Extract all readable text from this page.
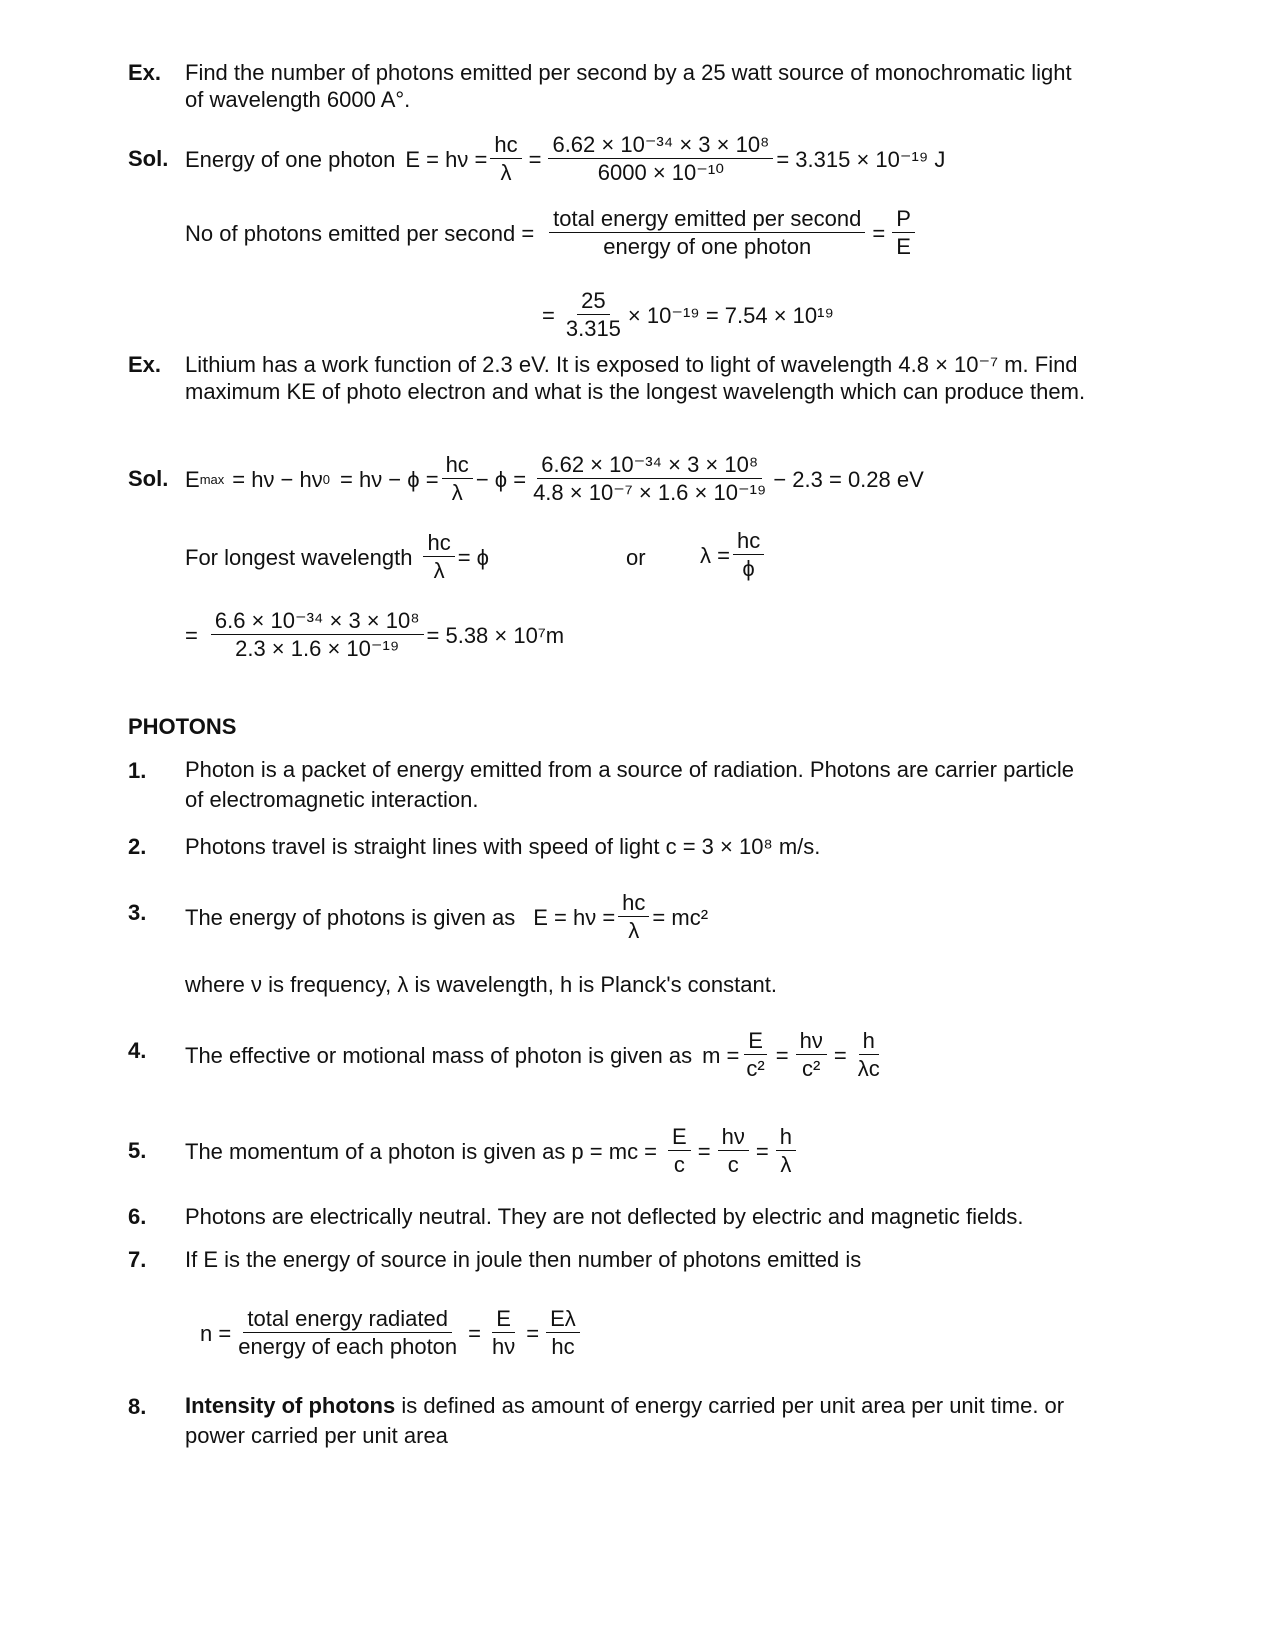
Ex. Find the number of photons emitted per second by a 25 watt source of monochromatic light
of wavelength 6000 A°.
Sol. Energy of one photon $E = h\nu = \frac{hc}{\lambda} = \frac{\text{6.62 × 10⁻³⁴ × 3 × 10⁸}}{\text{6000 × 10⁻¹⁰}} = 3.315 \times 10^{-19}$ J
No of photons emitted per second = $\frac{\text{total energy emitted per second}}{\text{energy of one photon}} = \frac{P}{E}$
= $\frac{25}{3.315} \times 10^{-19} = 7.54 \times 10^{19}$
Ex. Lithium has a work function of 2.3 eV. It is exposed to light of wavelength 4.8 × 10⁻⁷ m. Find
maximum KE of photo electron and what is the longest wavelength which can produce them.
Sol. E max = hν − hν $0 = h\nu - \phi = \frac{hc}{\lambda} - \phi = \frac{\text{6.62 × 10⁻³⁴ × 3 × 10⁸}}{\text{4.8 × 10⁻⁷ × 1.6 × 10⁻¹⁹}} - 2.3 = 0.28$ eV
For longest wavelength $\frac{hc}{\lambda} = \phi$	or $\lambda = \frac{hc}{\phi}$
= $\frac{\text{6.6 × 10⁻³⁴ × 3 × 10⁸}}{\text{2.3 × 1.6 × 10⁻¹⁹}} = 5.38 \times 10^7m$
PHOTONS
1. Photon is a packet of energy emitted from a source of radiation. Photons are carrier particle of electromagnetic interaction.
2. Photons travel is straight lines with speed of light c = 3 × 10⁸ m/s.
3. The energy of photons is given as $E = h\nu = \frac{hc}{\lambda} = mc^2$
where ν is frequency, λ is wavelength, h is Planck's constant.
4. The effective or motional mass of photon is given as $m = \frac{E}{\text{c²}} = \frac{h\nu}{\text{c²}} = \frac{h}{\lambda c}$
5. The momentum of a photon is given as p = mc = $\frac{E}{c} = \frac{h\nu}{c} = \frac{h}{\lambda}$
6. Photons are electrically neutral. They are not deflected by electric and magnetic fields.
7. If E is the energy of source in joule then number of photons emitted is
$n = \frac{\text{total energy radiated}}{\text{energy of each photon}} = \frac{E}{h\nu} = \frac{E\lambda}{hc}$
8. Intensity of photons is defined as amount of energy carried per unit area per unit time. or power carried per unit area
